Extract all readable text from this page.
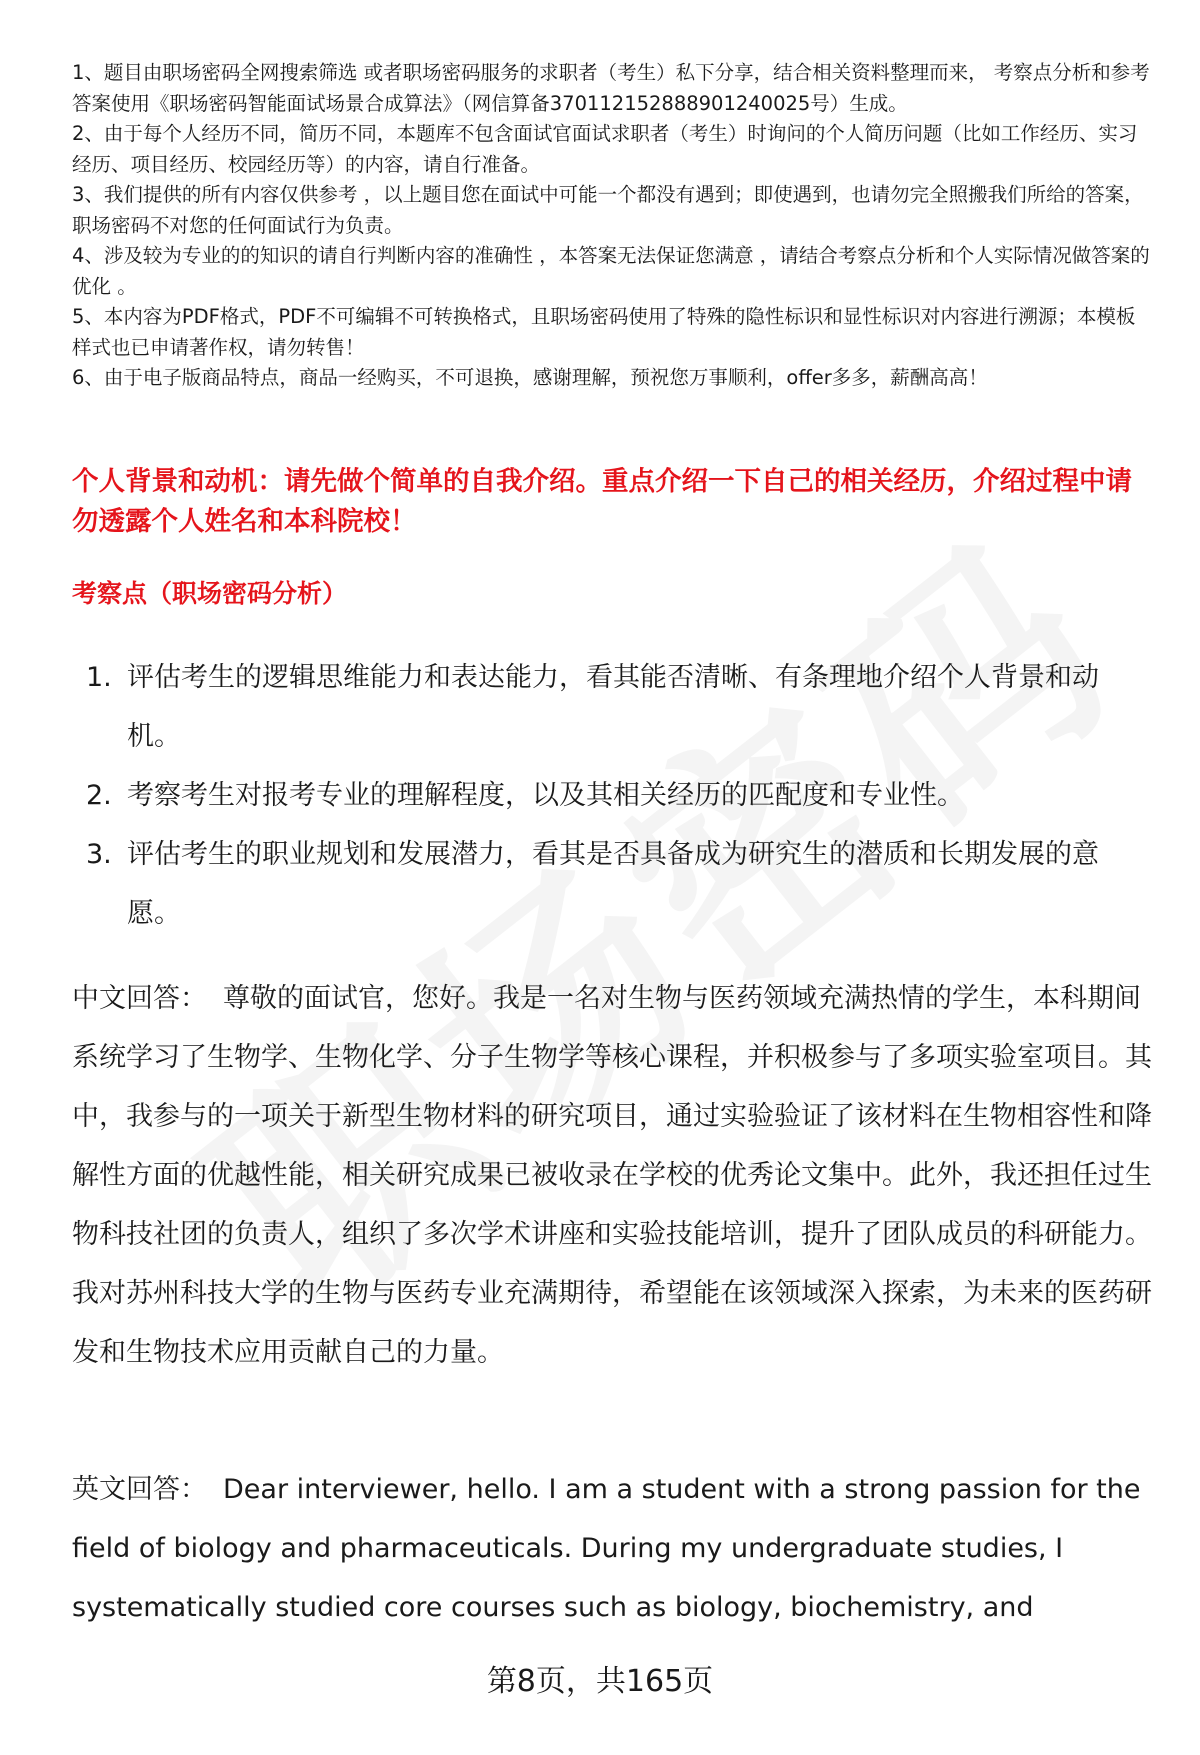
1、题目由职场密码全网搜索筛选 或者职场密码服务的求职者（考生）私下分享，结合相关资料整理而来， 考察点分析和参考答案使用《职场密码智能面试场景合成算法》（网信算备370112152888901240025号）生成。

2、由于每个人经历不同，简历不同，本题库不包含面试官面试求职者（考生）时询问的个人简历问题（比如工作经历、实习经历、项目经历、校园经历等）的内容，请自行准备。

3、我们提供的所有内容仅供参考 ，以上题目您在面试中可能一个都没有遇到；即使遇到，也请勿完全照搬我们所给的答案，职场密码不对您的任何面试行为负责。

4、涉及较为专业的的知识的请自行判断内容的准确性 ，本答案无法保证您满意 ，请结合考察点分析和个人实际情况做答案的优化 。

5、本内容为PDF格式，PDF不可编辑不可转换格式，且职场密码使用了特殊的隐性标识和显性标识对内容进行溯源；本模板样式也已申请著作权，请勿转售！

6、由于电子版商品特点，商品一经购买，不可退换，感谢理解，预祝您万事顺利，offer多多，薪酬高高！

个人背景和动机：请先做个简单的自我介绍。重点介绍一下自己的相关经历，介绍过程中请勿透露个人姓名和本科院校！
考察点（职场密码分析）
1. 评估考生的逻辑思维能力和表达能力，看其能否清晰、有条理地介绍个人背景和动机。
2. 考察考生对报考专业的理解程度，以及其相关经历的匹配度和专业性。
3. 评估考生的职业规划和发展潜力，看其是否具备成为研究生的潜质和长期发展的意愿。

中文回答： 尊敬的面试官，您好。我是一名对生物与医药领域充满热情的学生，本科期间系统学习了生物学、生物化学、分子生物学等核心课程，并积极参与了多项实验室项目。其中，我参与的一项关于新型生物材料的研究项目，通过实验验证了该材料在生物相容性和降解性方面的优越性能，相关研究成果已被收录在学校的优秀论文集中。此外，我还担任过生物科技社团的负责人，组织了多次学术讲座和实验技能培训，提升了团队成员的科研能力。我对苏州科技大学的生物与医药专业充满期待，希望能在该领域深入探索，为未来的医药研发和生物技术应用贡献自己的力量。

英文回答： Dear interviewer, hello. I am a student with a strong passion for the field of biology and pharmaceuticals. During my undergraduate studies, I systematically studied core courses such as biology, biochemistry, and

第8页，共165页
